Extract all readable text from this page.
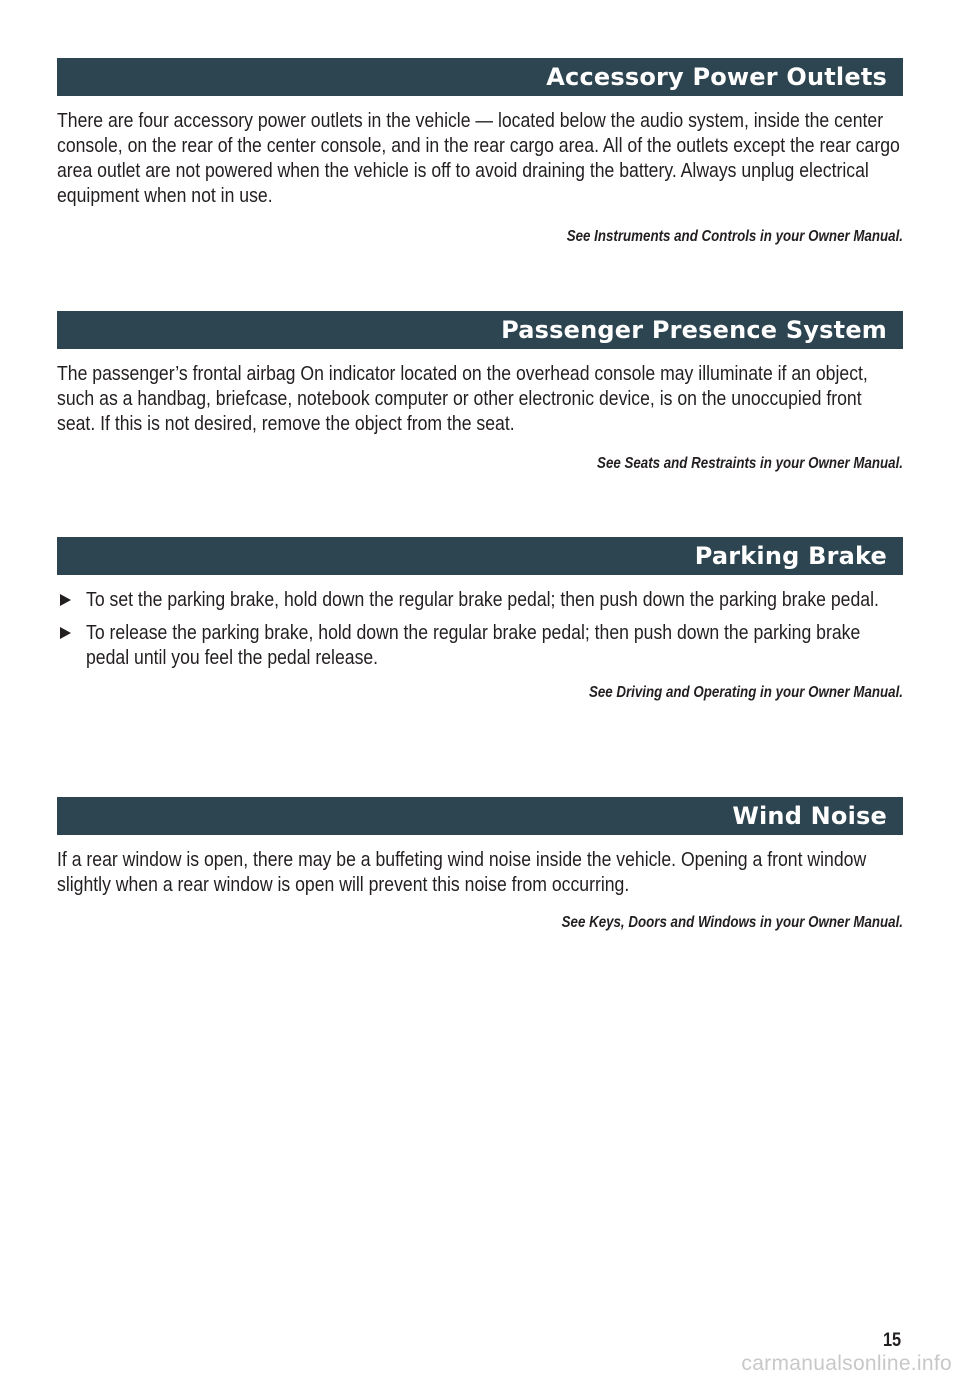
Accessory Power Outlets

There are four accessory power outlets in the vehicle — located below the audio system, inside the center console, on the rear of the center console, and in the rear cargo area. All of the outlets except the rear cargo area outlet are not powered when the vehicle is off to avoid draining the battery. Always unplug electrical equipment when not in use.

See Instruments and Controls in your Owner Manual.

Passenger Presence System

The passenger’s frontal airbag On indicator located on the overhead console may illuminate if an object, such as a handbag, briefcase, notebook computer or other electronic device, is on the unoccupied front seat. If this is not desired, remove the object from the seat.

See Seats and Restraints in your Owner Manual.

Parking Brake
To set the parking brake, hold down the regular brake pedal; then push down the parking brake pedal.
To release the parking brake, hold down the regular brake pedal; then push down the parking brake pedal until you feel the pedal release.

See Driving and Operating in your Owner Manual.

Wind Noise

If a rear window is open, there may be a buffeting wind noise inside the vehicle. Opening a front window slightly when a rear window is open will prevent this noise from occurring.

See Keys, Doors and Windows in your Owner Manual.

15
carmanualsonline.info
